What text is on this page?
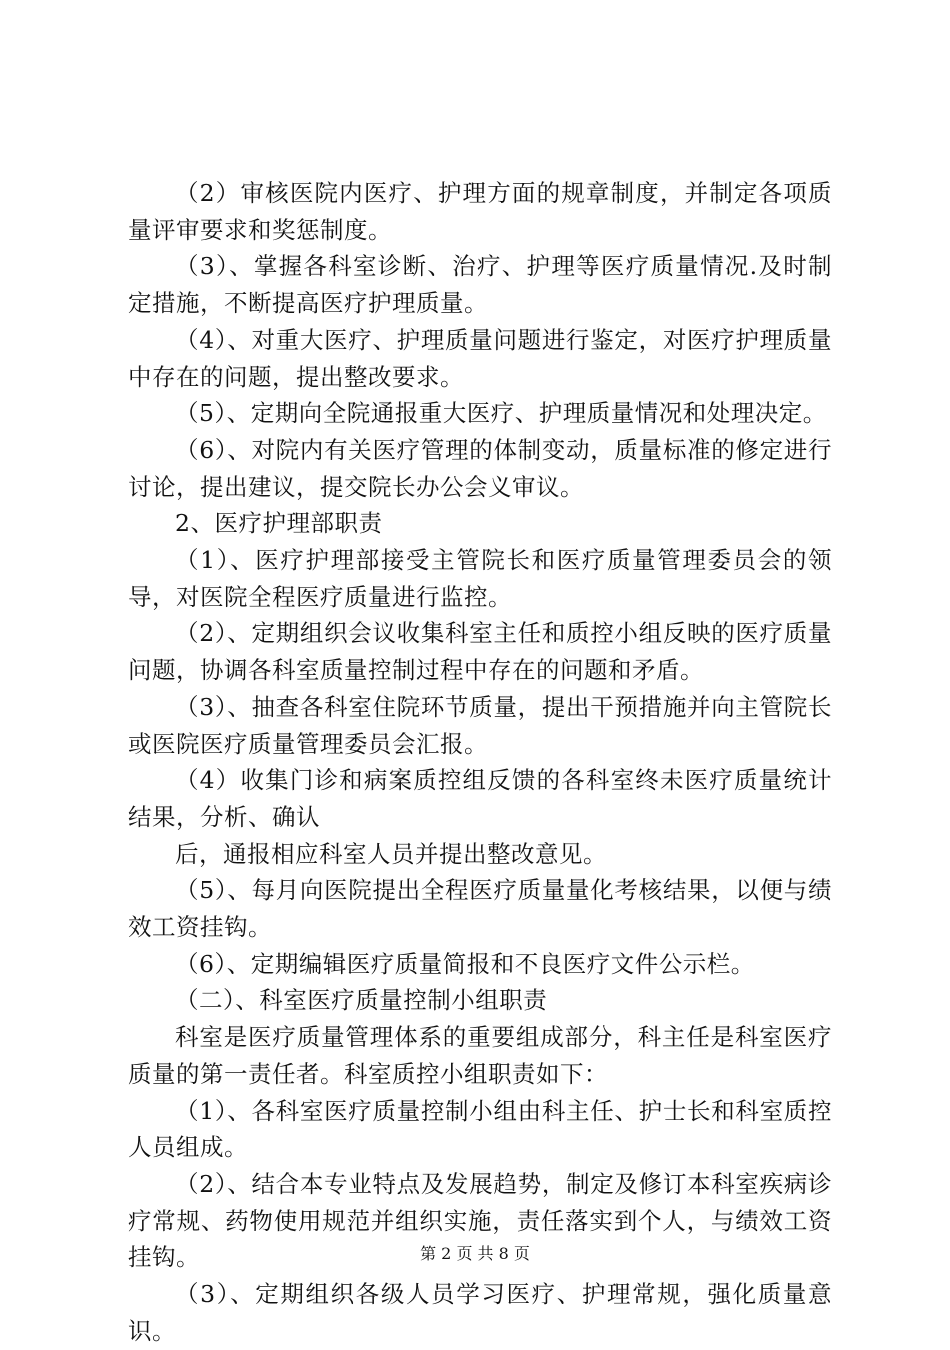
（2）审核医院内医疗、护理方面的规章制度，并制定各项质量评审要求和奖惩制度。

（3）、掌握各科室诊断、治疗、护理等医疗质量情况.及时制定措施，不断提高医疗护理质量。

（4）、对重大医疗、护理质量问题进行鉴定，对医疗护理质量中存在的问题，提出整改要求。

（5）、定期向全院通报重大医疗、护理质量情况和处理决定。

（6）、对院内有关医疗管理的体制变动，质量标准的修定进行讨论，提出建议，提交院长办公会义审议。

2、医疗护理部职责

（1）、医疗护理部接受主管院长和医疗质量管理委员会的领导，对医院全程医疗质量进行监控。

（2）、定期组织会议收集科室主任和质控小组反映的医疗质量问题，协调各科室质量控制过程中存在的问题和矛盾。

（3）、抽查各科室住院环节质量，提出干预措施并向主管院长或医院医疗质量管理委员会汇报。

（4）收集门诊和病案质控组反馈的各科室终未医疗质量统计结果，分析、确认

后，通报相应科室人员并提出整改意见。

（5）、每月向医院提出全程医疗质量量化考核结果，以便与绩效工资挂钩。

（6）、定期编辑医疗质量简报和不良医疗文件公示栏。

（二）、科室医疗质量控制小组职责

科室是医疗质量管理体系的重要组成部分，科主任是科室医疗质量的第一责任者。科室质控小组职责如下：

（1）、各科室医疗质量控制小组由科主任、护士长和科室质控人员组成。

（2）、结合本专业特点及发展趋势，制定及修订本科室疾病诊疗常规、药物使用规范并组织实施，责任落实到个人，与绩效工资挂钩。

（3）、定期组织各级人员学习医疗、护理常规，强化质量意识。

第 2 页 共 8 页
